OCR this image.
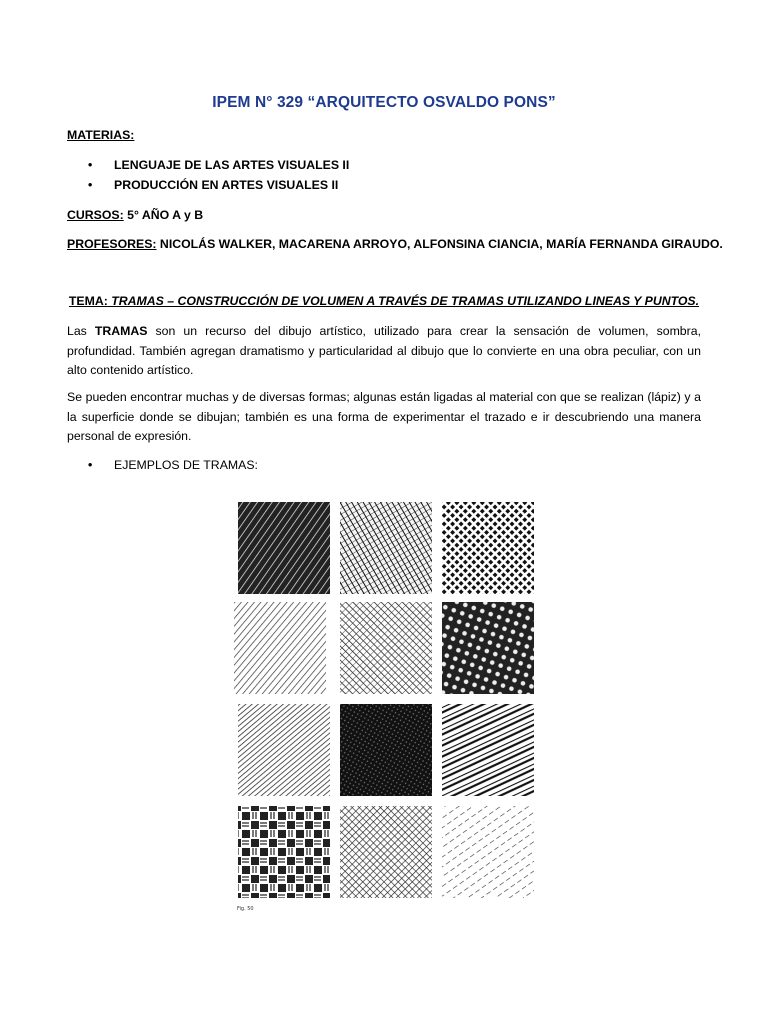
IPEM N° 329 “ARQUITECTO OSVALDO PONS”
MATERIAS:
• LENGUAJE DE LAS ARTES VISUALES II
• PRODUCCIÓN EN ARTES VISUALES II
CURSOS: 5° AÑO A y B
PROFESORES: NICOLÁS WALKER, MACARENA ARROYO, ALFONSINA CIANCIA, MARÍA FERNANDA GIRAUDO.
TEMA: TRAMAS – CONSTRUCCIÓN DE VOLUMEN A TRAVÉS DE TRAMAS UTILIZANDO LINEAS Y PUNTOS.

Las TRAMAS son un recurso del dibujo artístico, utilizado para crear la sensación de volumen, sombra, profundidad. También agregan dramatismo y particularidad al dibujo que lo convierte en una obra peculiar, con un alto contenido artístico.

Se pueden encontrar muchas y de diversas formas; algunas están ligadas al material con que se realizan (lápiz) y a la superficie donde se dibujan; también es una forma de experimentar el trazado e ir descubriendo una manera personal de expresión.

• EJEMPLOS DE TRAMAS:
Fig. 50
